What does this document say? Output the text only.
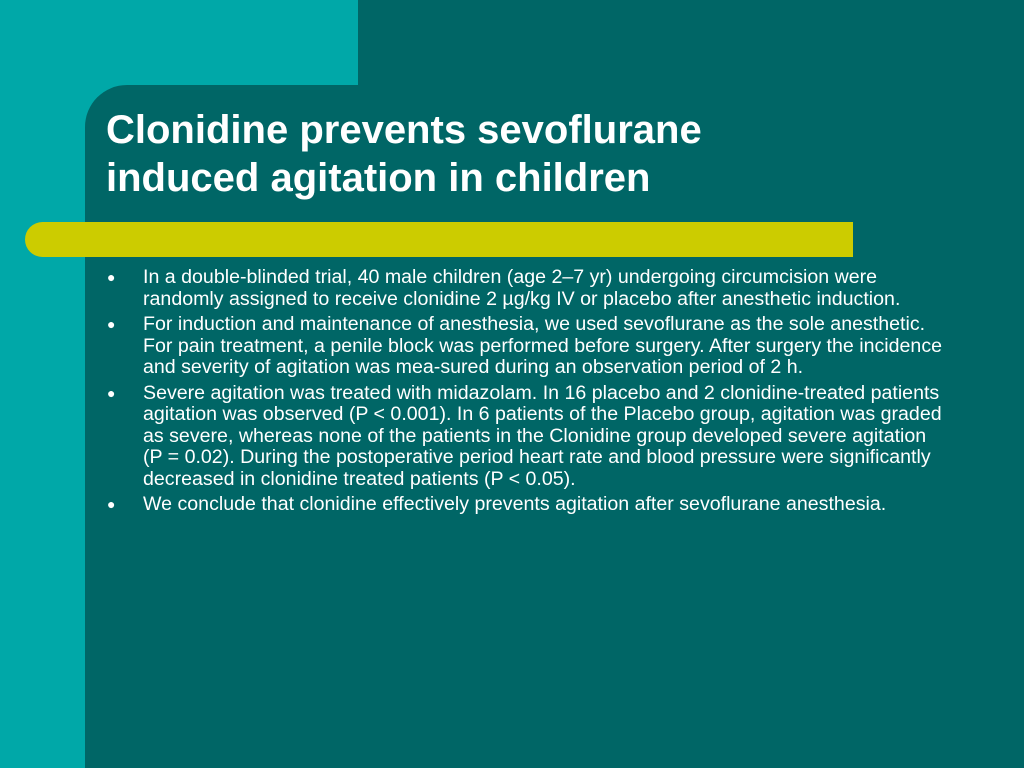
Clonidine prevents sevoflurane
induced agitation in children
● In a double-blinded trial, 40 male children (age 2–7 yr) undergoing circumcision were randomly assigned to receive clonidine 2 µg/kg IV or placebo after anesthetic induction.
● For induction and maintenance of anesthesia, we used sevoflurane as the sole anesthetic. For pain treatment, a penile block was performed before surgery. After surgery the incidence and severity of agitation was mea-sured during an observation period of 2 h.
● Severe agitation was treated with midazolam. In 16 placebo and 2 clonidine-treated patients agitation was observed (P < 0.001). In 6 patients of the Placebo group, agitation was graded as severe, whereas none of the patients in the Clonidine group developed severe agitation (P = 0.02). During the postoperative period heart rate and blood pressure were significantly decreased in clonidine treated patients (P < 0.05).
● We conclude that clonidine effectively prevents agitation after sevoflurane anesthesia.
